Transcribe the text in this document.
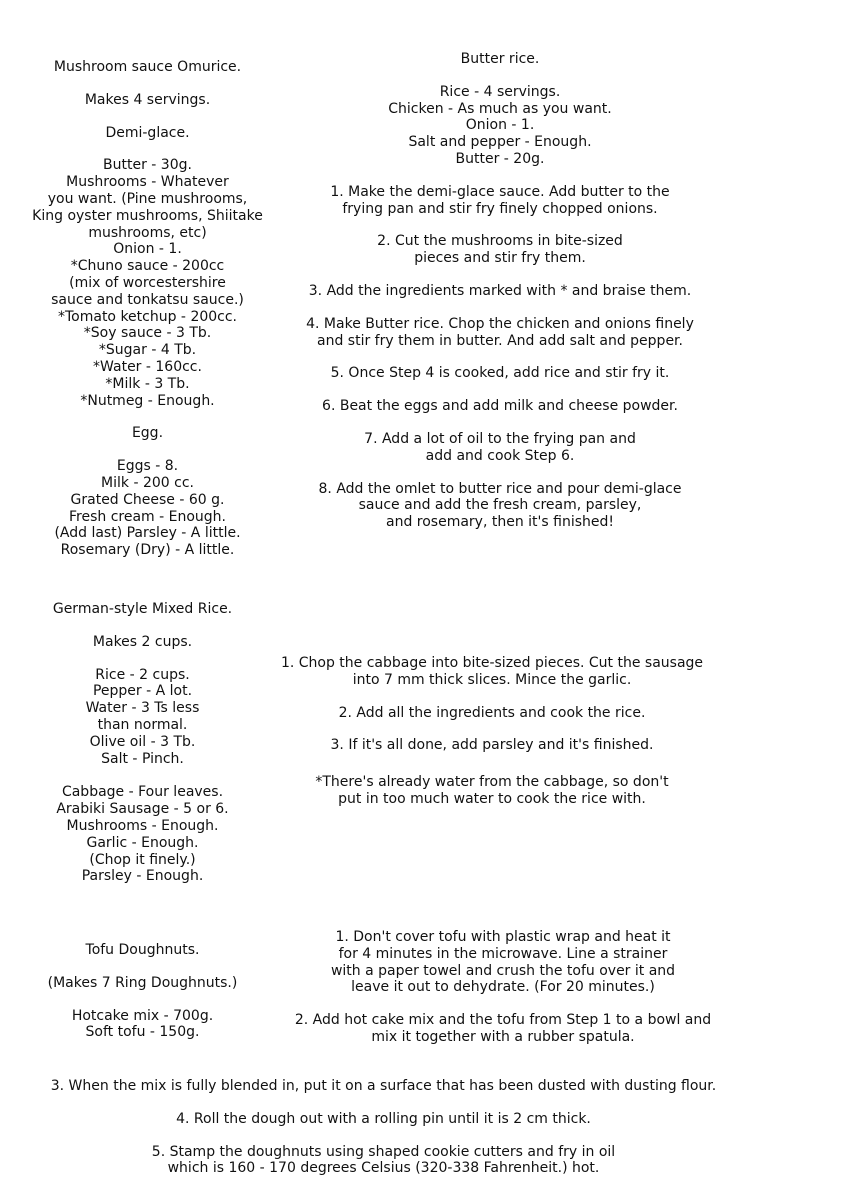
Mushroom sauce Omurice.
Makes 4 servings.
Demi-glace.
Butter - 30g.
Mushrooms - Whatever
you want. (Pine mushrooms,
King oyster mushrooms, Shiitake
mushrooms, etc)
Onion - 1.
*Chuno sauce - 200cc
(mix of worcestershire
sauce and tonkatsu sauce.)
*Tomato ketchup - 200cc.
*Soy sauce - 3 Tb.
*Sugar - 4 Tb.
*Water - 160cc.
*Milk - 3 Tb.
*Nutmeg - Enough.
Egg.
Eggs - 8.
Milk - 200 cc.
Grated Cheese - 60 g.
Fresh cream - Enough.
(Add last) Parsley - A little.
Rosemary (Dry) - A little.
Butter rice.
Rice - 4 servings.
Chicken - As much as you want.
Onion - 1.
Salt and pepper - Enough.
Butter - 20g.
1. Make the demi-glace sauce. Add butter to the
frying pan and stir fry finely chopped onions.
2. Cut the mushrooms in bite-sized
pieces and stir fry them.
3. Add the ingredients marked with * and braise them.
4. Make Butter rice. Chop the chicken and onions finely
and stir fry them in butter. And add salt and pepper.
5. Once Step 4 is cooked, add rice and stir fry it.
6. Beat the eggs and add milk and cheese powder.
7. Add a lot of oil to the frying pan and
add and cook Step 6.
8. Add the omlet to butter rice and pour demi-glace
sauce and add the fresh cream, parsley,
and rosemary, then it's finished!
German-style Mixed Rice.
Makes 2 cups.
Rice - 2 cups.
Pepper - A lot.
Water - 3 Ts less
than normal.
Olive oil - 3 Tb.
Salt - Pinch.
Cabbage - Four leaves.
Arabiki Sausage - 5 or 6.
Mushrooms - Enough.
Garlic - Enough.
(Chop it finely.)
Parsley - Enough.
1. Chop the cabbage into bite-sized pieces. Cut the sausage
into 7 mm thick slices. Mince the garlic.
2. Add all the ingredients and cook the rice.
3. If it's all done, add parsley and it's finished.
*There's already water from the cabbage, so don't
put in too much water to cook the rice with.
Tofu Doughnuts.
(Makes 7 Ring Doughnuts.)
Hotcake mix - 700g.
Soft tofu - 150g.
1. Don't cover tofu with plastic wrap and heat it
for 4 minutes in the microwave. Line a strainer
with a paper towel and crush the tofu over it and
leave it out to dehydrate. (For 20 minutes.)
2. Add hot cake mix and the tofu from Step 1 to a bowl and
mix it together with a rubber spatula.
3. When the mix is fully blended in, put it on a surface that has been dusted with dusting flour.
4. Roll the dough out with a rolling pin until it is 2 cm thick.
5. Stamp the doughnuts using shaped cookie cutters and fry in oil
which is 160 - 170 degrees Celsius (320-338 Fahrenheit.) hot.
